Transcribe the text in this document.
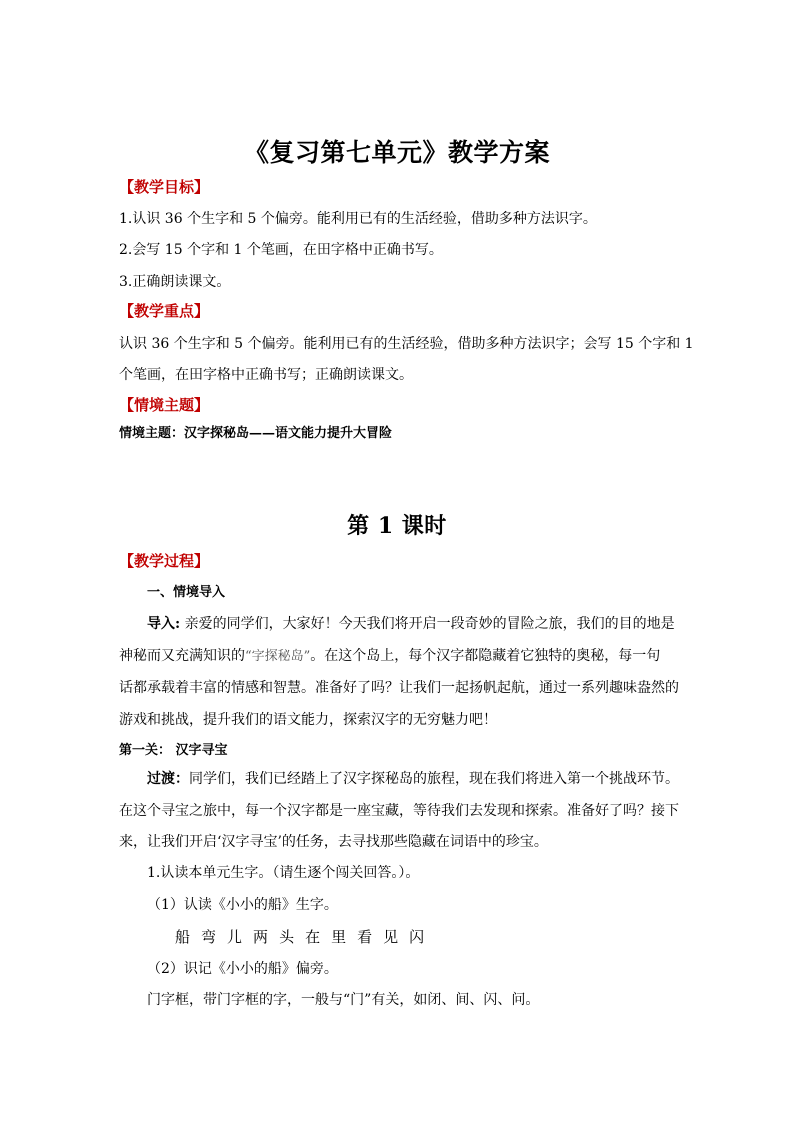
《复习第七单元》教学方案
【教学目标】
1.认识 36 个生字和 5 个偏旁。能利用已有的生活经验，借助多种方法识字。
2.会写 15 个字和 1 个笔画，在田字格中正确书写。
3.正确朗读课文。
【教学重点】
认识 36 个生字和 5 个偏旁。能利用已有的生活经验，借助多种方法识字；会写 15 个字和 1
个笔画，在田字格中正确书写；正确朗读课文。
【情境主题】
情境主题：汉字探秘岛——语文能力提升大冒险
第 1 课时
【教学过程】
一、情境导入
导入: 亲爱的同学们，大家好！今天我们将开启一段奇妙的冒险之旅，我们的目的地是
神秘而又充满知识的“字探秘岛”。在这个岛上，每个汉字都隐藏着它独特的奥秘，每一句
话都承载着丰富的情感和智慧。准备好了吗？让我们一起扬帆起航，通过一系列趣味盎然的
游戏和挑战，提升我们的语文能力，探索汉字的无穷魅力吧！
第一关： 汉字寻宝
过渡：同学们，我们已经踏上了汉字探秘岛的旅程，现在我们将进入第一个挑战环节。
在这个寻宝之旅中，每一个汉字都是一座宝藏，等待我们去发现和探索。准备好了吗？接下
来，让我们开启‘汉字寻宝’的任务，去寻找那些隐藏在词语中的珍宝。
1.认读本单元生字。（请生逐个闯关回答。）。
（1）认读《小小的船》生字。
船 弯 儿 两 头 在 里 看 见 闪
（2）识记《小小的船》偏旁。
门字框，带门字框的字，一般与“门”有关，如闭、间、闪、问。
